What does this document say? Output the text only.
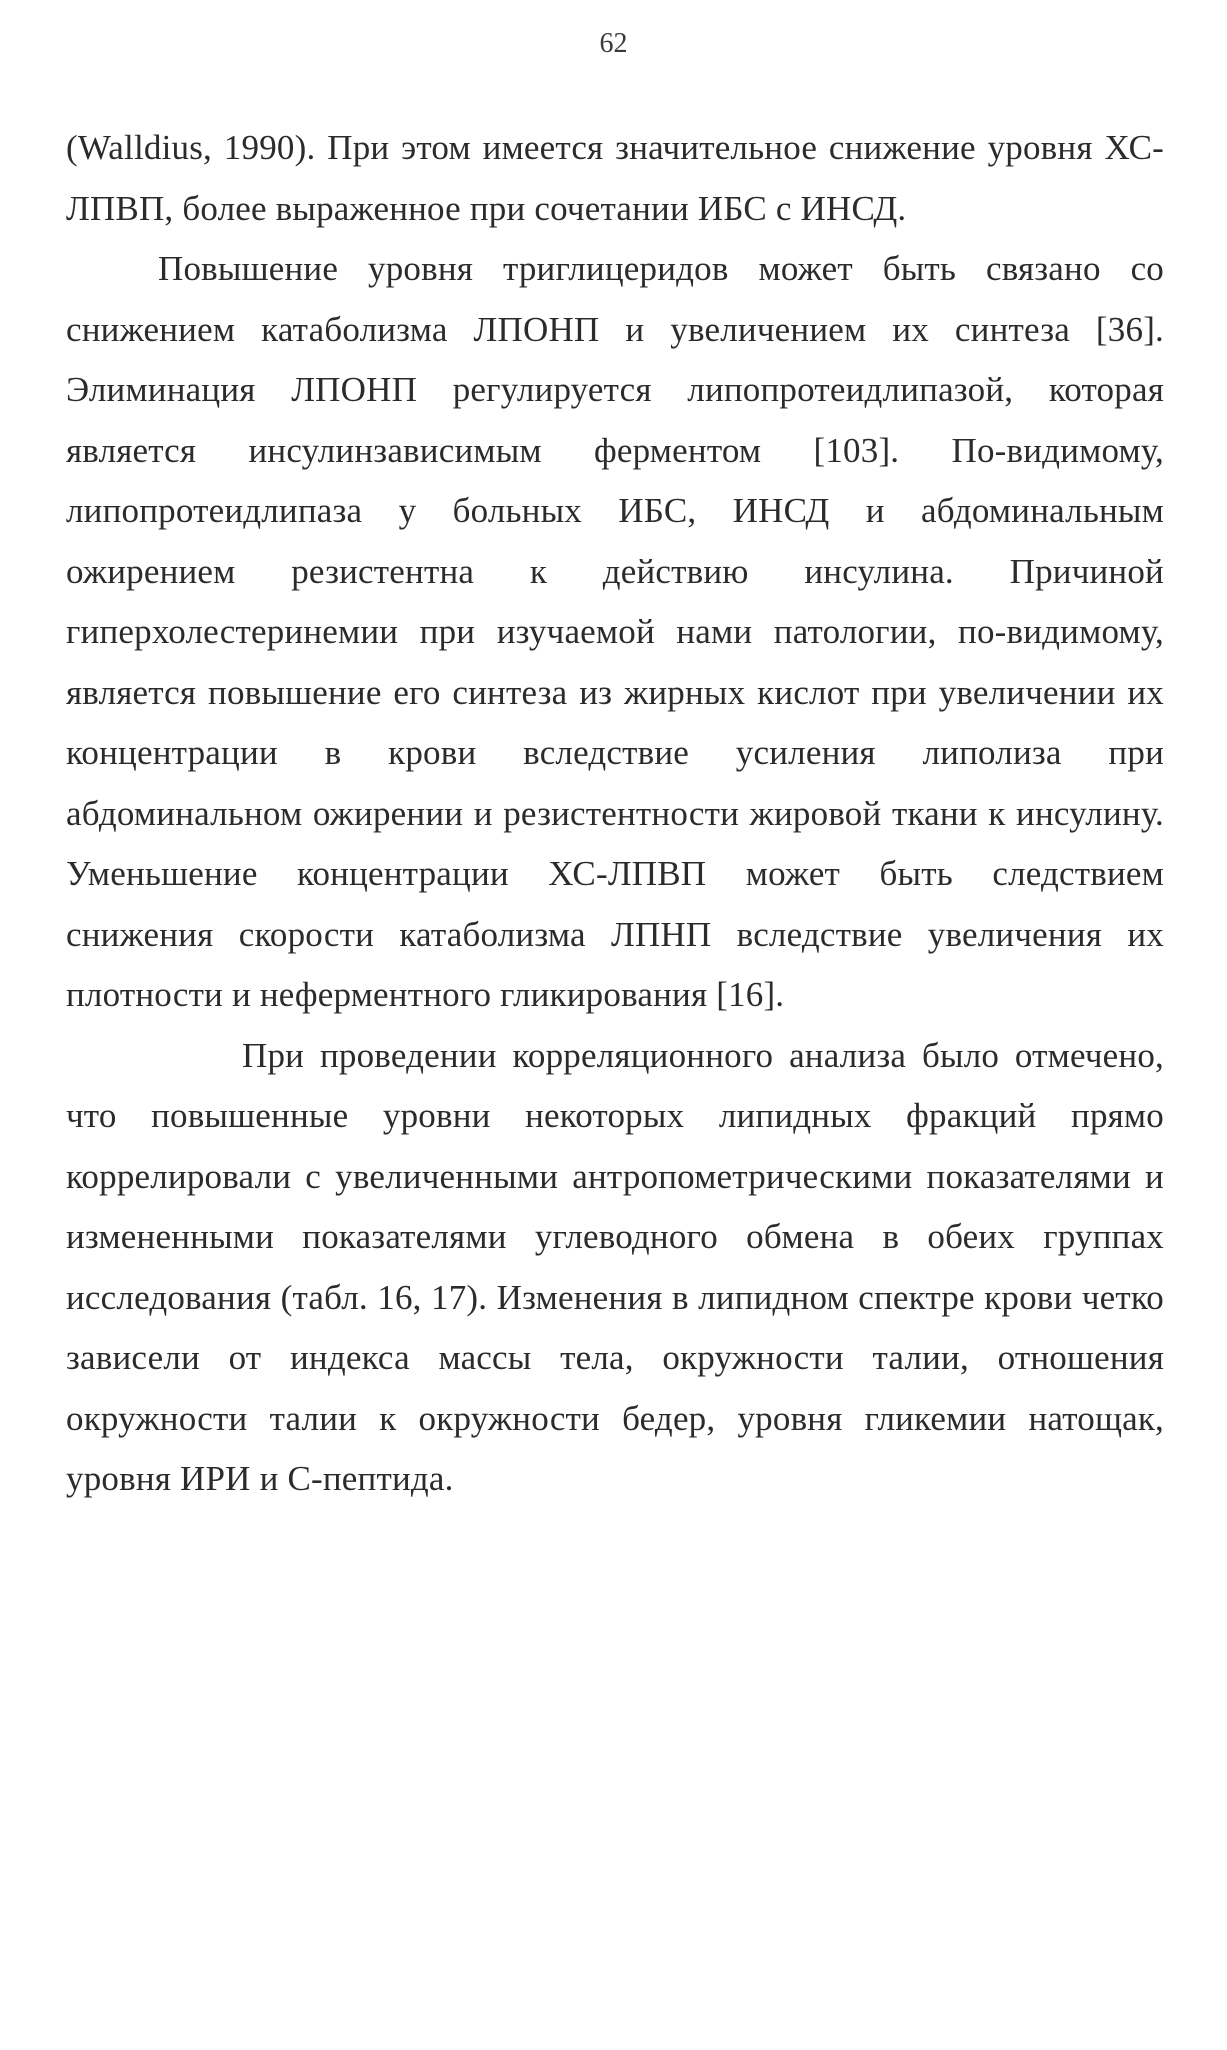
62

(Walldius, 1990). При этом имеется значительное снижение уровня ХС-ЛПВП, более выраженное при сочетании ИБС с ИНСД.

Повышение уровня триглицеридов может быть связано со снижением катаболизма ЛПОНП и увеличением их синтеза [36]. Элиминация ЛПОНП регулируется липопротеидлипазой, которая является инсулинзависимым ферментом [103]. По-видимому, липопротеидлипаза у больных ИБС, ИНСД и абдоминальным ожирением резистентна к действию инсулина. Причиной гиперхолестеринемии при изучаемой нами патологии, по-видимому, является повышение его синтеза из жирных кислот при увеличении их концентрации в крови вследствие усиления липолиза при абдоминальном ожирении и резистентности жировой ткани к инсулину. Уменьшение концентрации ХС-ЛПВП может быть следствием снижения скорости катаболизма ЛПНП вследствие увеличения их плотности и неферментного гликирования [16].

При проведении корреляционного анализа было отмечено, что повышенные уровни некоторых липидных фракций прямо коррелировали с увеличенными антропометрическими показателями и измененными показателями углеводного обмена в обеих группах исследования (табл. 16, 17). Изменения в липидном спектре крови четко зависели от индекса массы тела, окружности талии, отношения окружности талии к окружности бедер, уровня гликемии натощак, уровня ИРИ и С-пептида.
